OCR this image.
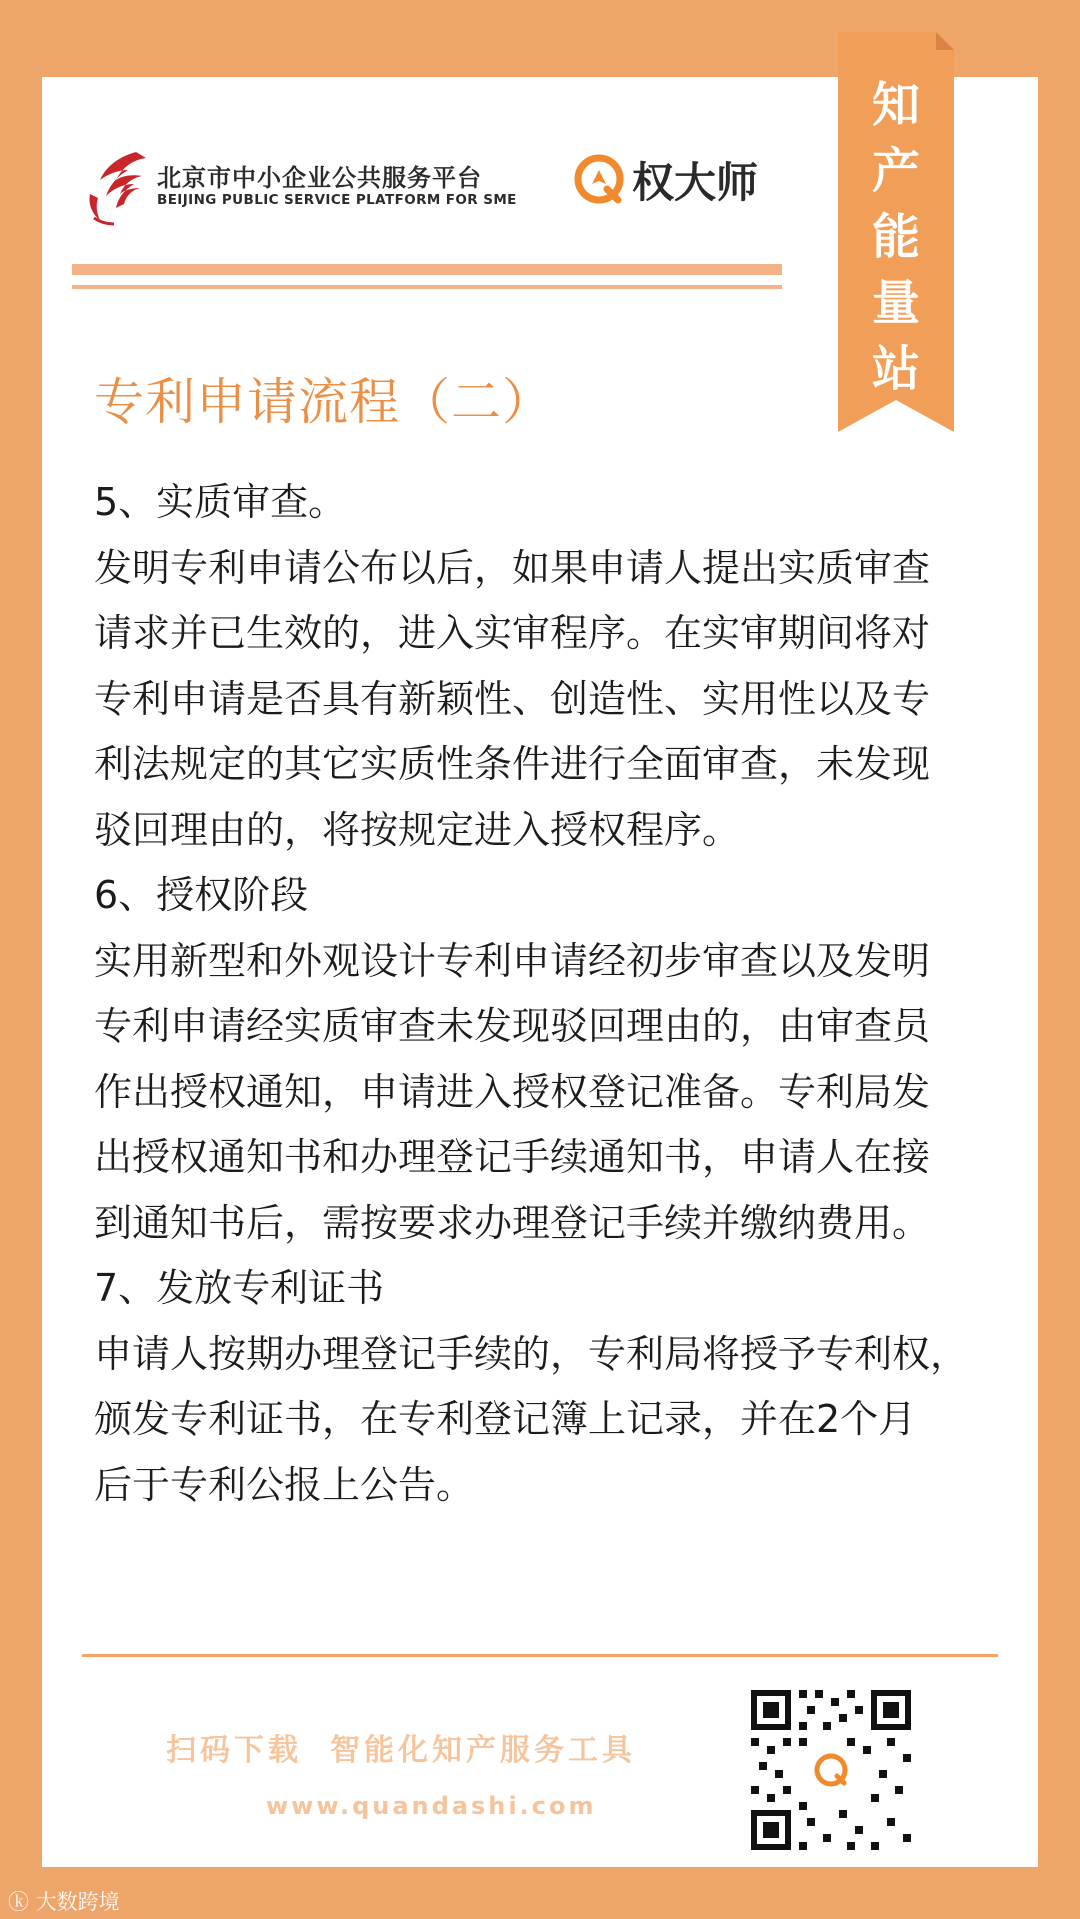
北京市中小企业公共服务平台
BEIJING PUBLIC SERVICE PLATFORM FOR SME	权大师
知
产
能
量
站
专利申请流程（二）
5、实质审查。
发明专利申请公布以后，如果申请人提出实质审查
请求并已生效的，进入实审程序。在实审期间将对
专利申请是否具有新颖性、创造性、实用性以及专
利法规定的其它实质性条件进行全面审查，未发现
驳回理由的，将按规定进入授权程序。
6、授权阶段
实用新型和外观设计专利申请经初步审查以及发明
专利申请经实质审查未发现驳回理由的，由审查员
作出授权通知，申请进入授权登记准备。专利局发
出授权通知书和办理登记手续通知书，申请人在接
到通知书后，需按要求办理登记手续并缴纳费用。
7、发放专利证书
申请人按期办理登记手续的，专利局将授予专利权，
颁发专利证书，在专利登记簿上记录，并在2个月
后于专利公报上公告。
扫码下载 智能化知产服务工具
www.quandashi.com
ⓚ 大数跨境
